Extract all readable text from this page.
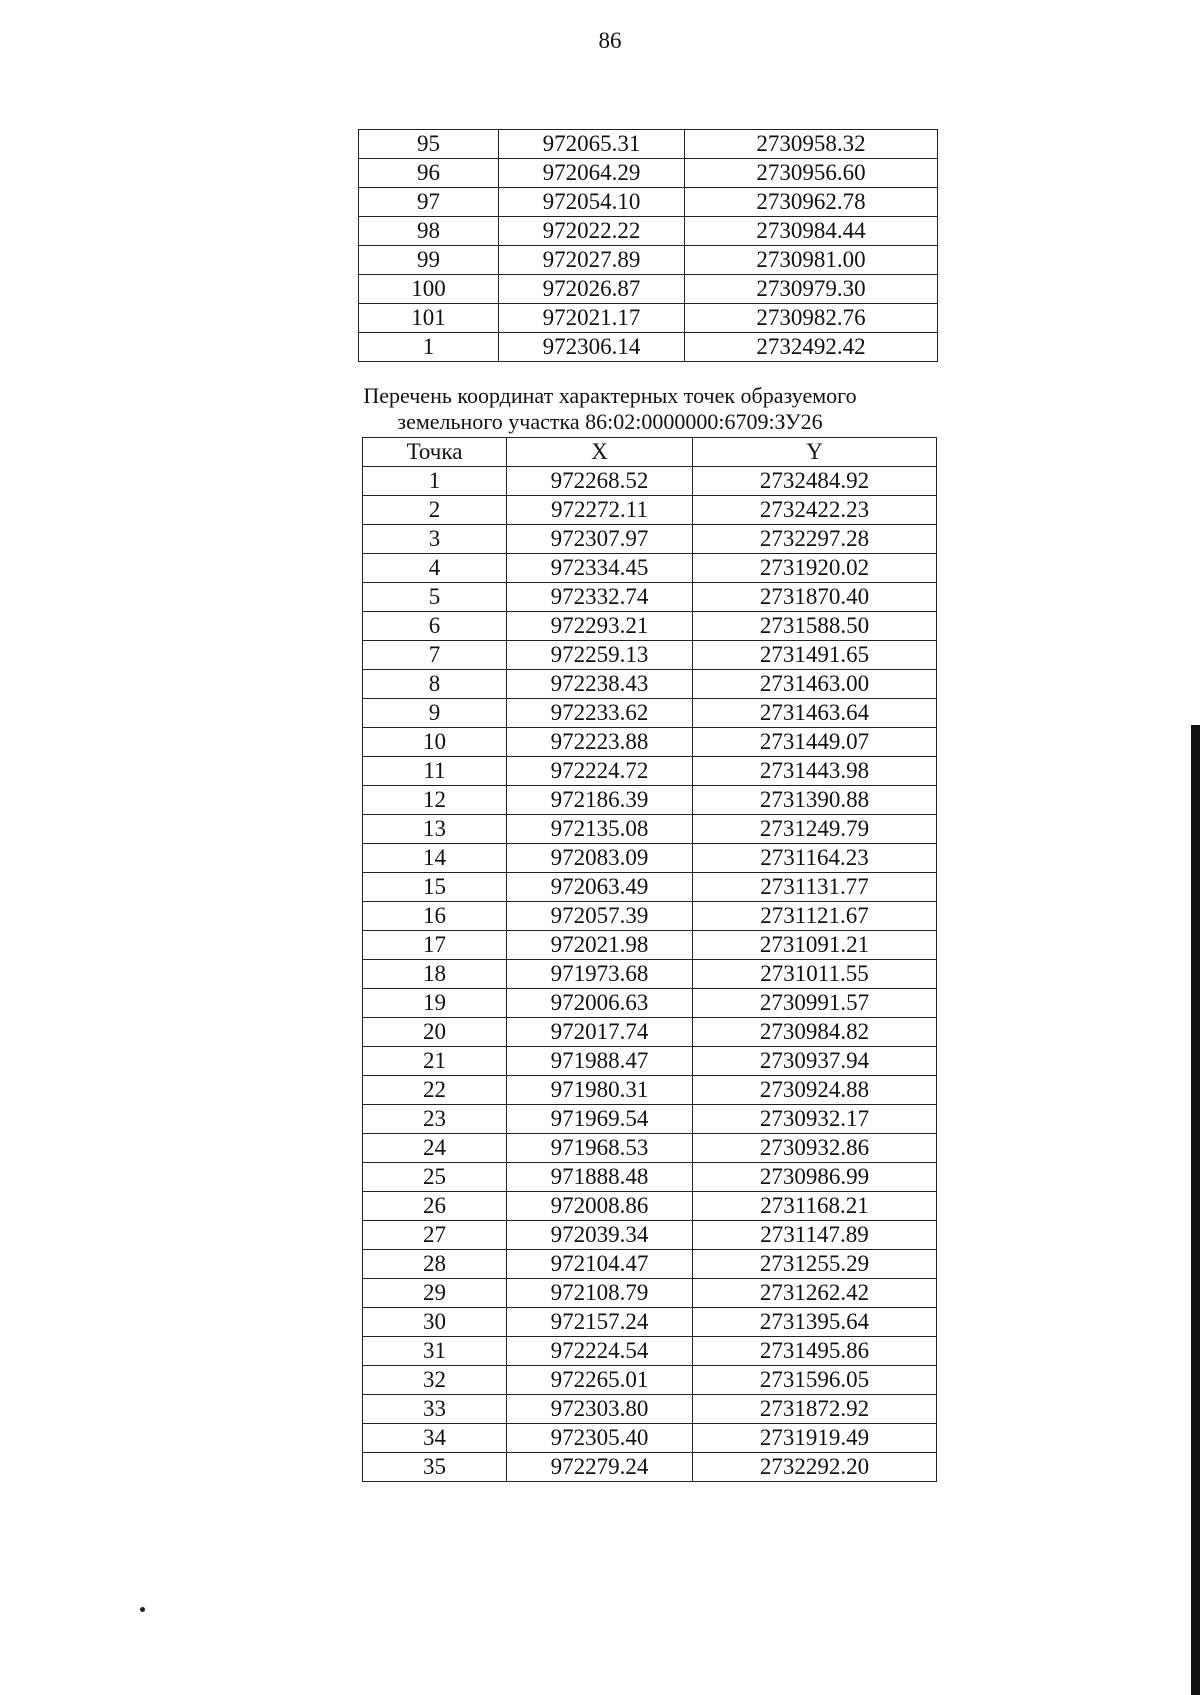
86
95	972065.31	2730958.32
96	972064.29	2730956.60
97	972054.10	2730962.78
98	972022.22	2730984.44
99	972027.89	2730981.00
100	972026.87	2730979.30
101	972021.17	2730982.76
1	972306.14	2732492.42
Перечень координат характерных точек образуемого
земельного участка 86:02:0000000:6709:ЗУ26
Точка	X	Y
1	972268.52	2732484.92
2	972272.11	2732422.23
3	972307.97	2732297.28
4	972334.45	2731920.02
5	972332.74	2731870.40
6	972293.21	2731588.50
7	972259.13	2731491.65
8	972238.43	2731463.00
9	972233.62	2731463.64
10	972223.88	2731449.07
11	972224.72	2731443.98
12	972186.39	2731390.88
13	972135.08	2731249.79
14	972083.09	2731164.23
15	972063.49	2731131.77
16	972057.39	2731121.67
17	972021.98	2731091.21
18	971973.68	2731011.55
19	972006.63	2730991.57
20	972017.74	2730984.82
21	971988.47	2730937.94
22	971980.31	2730924.88
23	971969.54	2730932.17
24	971968.53	2730932.86
25	971888.48	2730986.99
26	972008.86	2731168.21
27	972039.34	2731147.89
28	972104.47	2731255.29
29	972108.79	2731262.42
30	972157.24	2731395.64
31	972224.54	2731495.86
32	972265.01	2731596.05
33	972303.80	2731872.92
34	972305.40	2731919.49
35	972279.24	2732292.20
